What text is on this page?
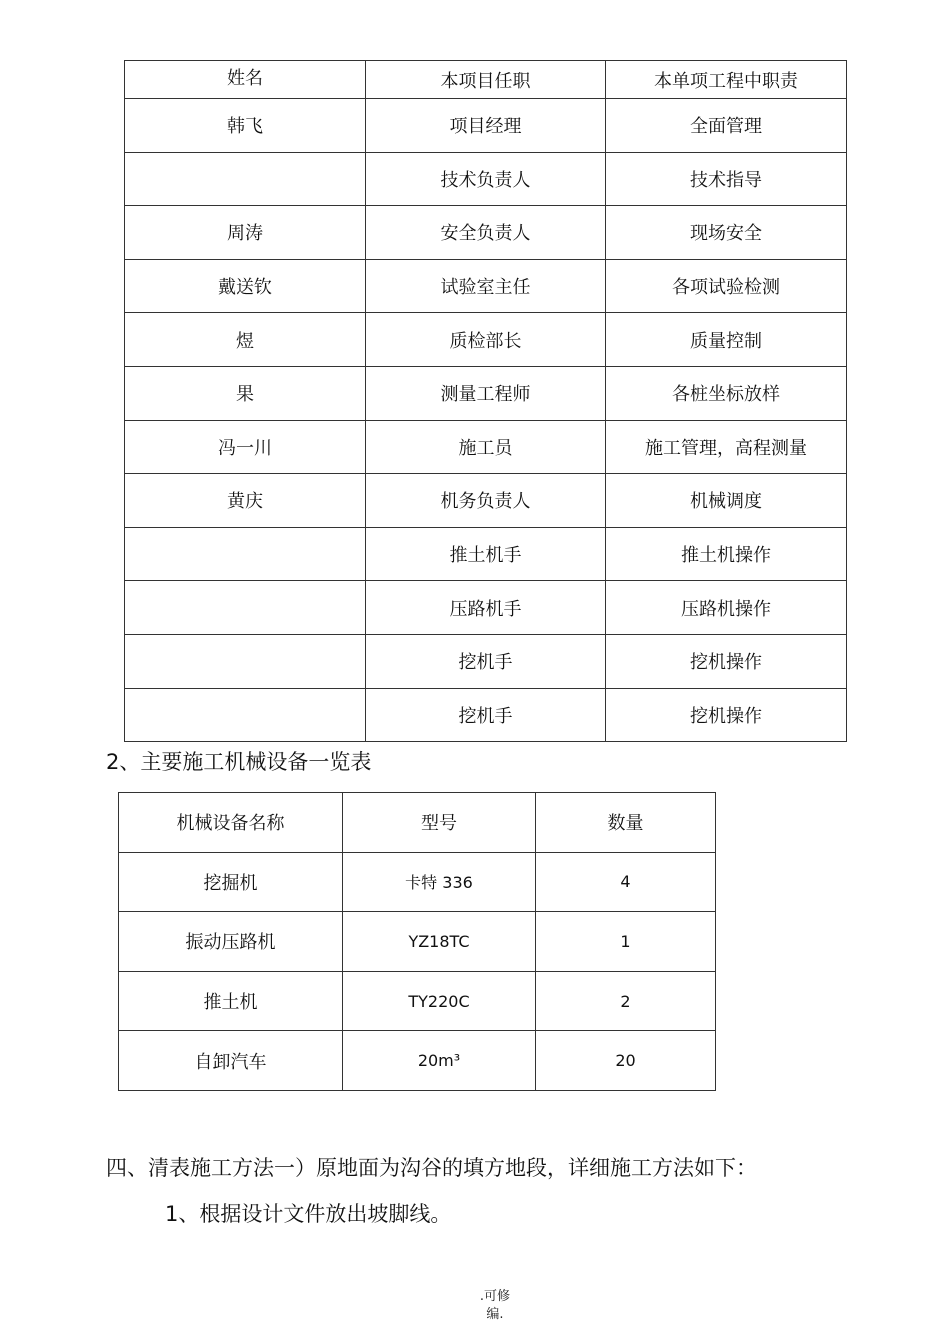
姓名	本项目任职	本单项工程中职责
韩飞	项目经理	全面管理
	技术负责人	技术指导
周涛	安全负责人	现场安全
戴送钦	试验室主任	各项试验检测
煜	质检部长	质量控制
果	测量工程师	各桩坐标放样
冯一川	施工员	施工管理，高程测量
黄庆	机务负责人	机械调度
	推土机手	推土机操作
	压路机手	压路机操作
	挖机手	挖机操作
	挖机手	挖机操作
2、主要施工机械设备一览表
机械设备名称	型号	数量
挖掘机	卡特 336	4
振动压路机	YZ18TC	1
推土机	TY220C	2
自卸汽车	20m³	20

四、清表施工方法一）原地面为沟谷的填方地段，详细施工方法如下：

1、根据设计文件放出坡脚线。

.可修
编.
